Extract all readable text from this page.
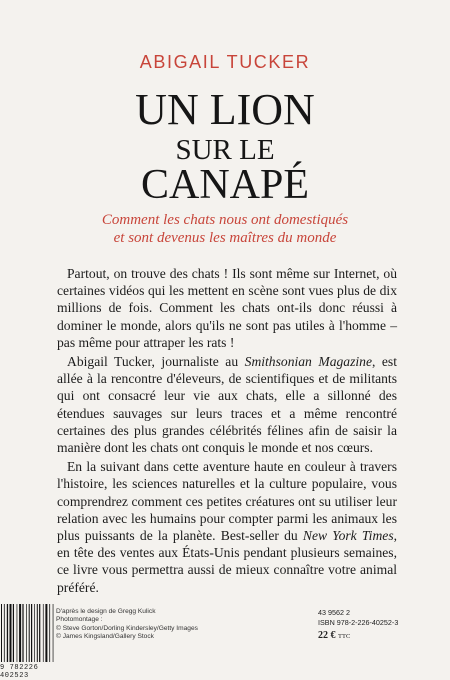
ABIGAIL TUCKER
UN LION
SUR LE
CANAPÉ
Comment les chats nous ont domestiqués
et sont devenus les maîtres du monde

Partout, on trouve des chats ! Ils sont même sur Internet, où certaines vidéos qui les mettent en scène sont vues plus de dix millions de fois. Comment les chats ont-ils donc réussi à dominer le monde, alors qu'ils ne sont pas utiles à l'homme – pas même pour attraper les rats !

Abigail Tucker, journaliste au Smithsonian Magazine, est allée à la rencontre d'éleveurs, de scientifiques et de militants qui ont consacré leur vie aux chats, elle a sillonné des étendues sauvages sur leurs traces et a même rencontré certaines des plus grandes célébrités félines afin de saisir la manière dont les chats ont conquis le monde et nos cœurs.

En la suivant dans cette aventure haute en couleur à travers l'histoire, les sciences naturelles et la culture populaire, vous comprendrez comment ces petites créatures ont su utiliser leur relation avec les humains pour compter parmi les animaux les plus puissants de la planète. Best-seller du New York Times, en tête des ventes aux États-Unis pendant plusieurs semaines, ce livre vous permettra aussi de mieux connaître votre animal préféré.

9 782226 402523
D'après le design de Gregg Kulick
Photomontage :
© Steve Gorton/Dorling Kindersley/Getty Images
© James Kingsland/Gallery Stock
43 9562 2
ISBN 978-2-226-40252-3
22 € TTC
